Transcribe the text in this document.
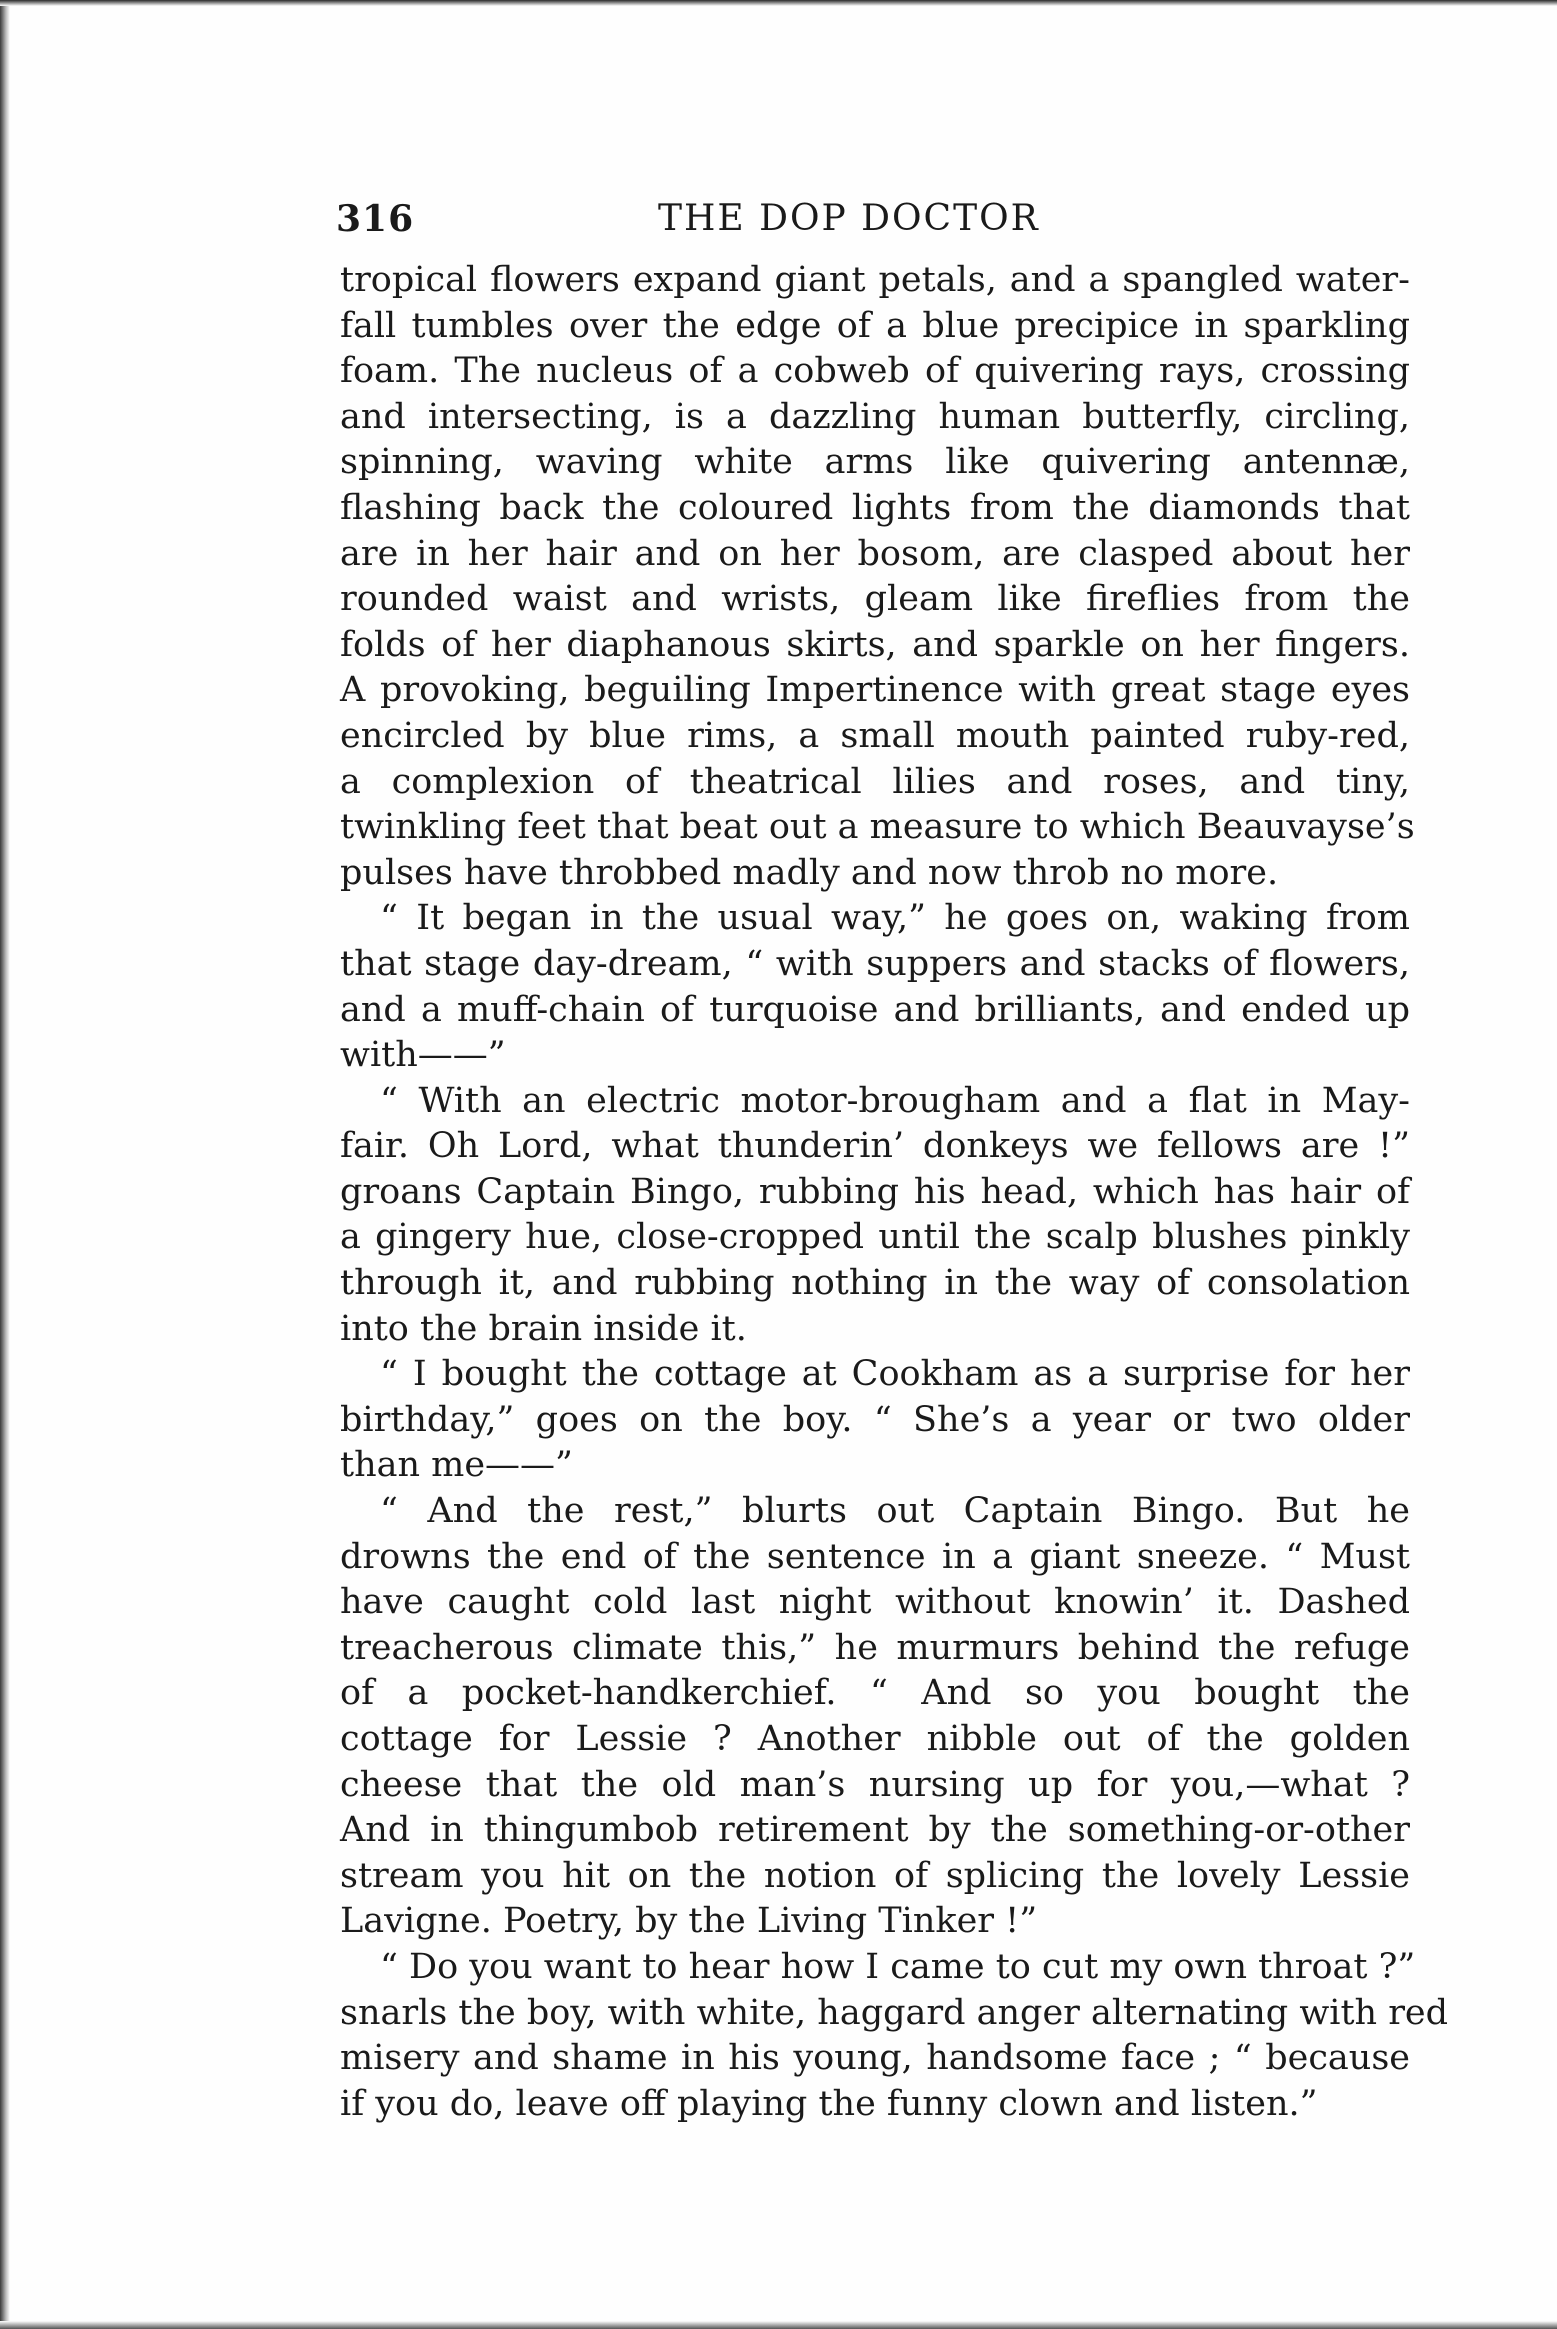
316	THE DOP DOCTOR
tropical flowers expand giant petals, and a spangled water-
fall tumbles over the edge of a blue precipice in sparkling
foam. The nucleus of a cobweb of quivering rays, crossing
and intersecting, is a dazzling human butterfly, circling,
spinning, waving white arms like quivering antennæ,
flashing back the coloured lights from the diamonds that
are in her hair and on her bosom, are clasped about her
rounded waist and wrists, gleam like fireflies from the
folds of her diaphanous skirts, and sparkle on her fingers.
A provoking, beguiling Impertinence with great stage eyes
encircled by blue rims, a small mouth painted ruby-red,
a complexion of theatrical lilies and roses, and tiny,
twinkling feet that beat out a measure to which Beauvayse’s
pulses have throbbed madly and now throb no more.
“ It began in the usual way,” he goes on, waking from
that stage day-dream, “ with suppers and stacks of flowers,
and a muff-chain of turquoise and brilliants, and ended up
with——”
“ With an electric motor-brougham and a flat in May-
fair. Oh Lord, what thunderin’ donkeys we fellows are !”
groans Captain Bingo, rubbing his head, which has hair of
a gingery hue, close-cropped until the scalp blushes pinkly
through it, and rubbing nothing in the way of consolation
into the brain inside it.
“ I bought the cottage at Cookham as a surprise for her
birthday,” goes on the boy. “ She’s a year or two older
than me——”
“ And the rest,” blurts out Captain Bingo. But he
drowns the end of the sentence in a giant sneeze. “ Must
have caught cold last night without knowin’ it. Dashed
treacherous climate this,” he murmurs behind the refuge
of a pocket-handkerchief. “ And so you bought the
cottage for Lessie ? Another nibble out of the golden
cheese that the old man’s nursing up for you,—what ?
And in thingumbob retirement by the something-or-other
stream you hit on the notion of splicing the lovely Lessie
Lavigne. Poetry, by the Living Tinker !”
“ Do you want to hear how I came to cut my own throat ?”
snarls the boy, with white, haggard anger alternating with red
misery and shame in his young, handsome face ; “ because
if you do, leave off playing the funny clown and listen.”
